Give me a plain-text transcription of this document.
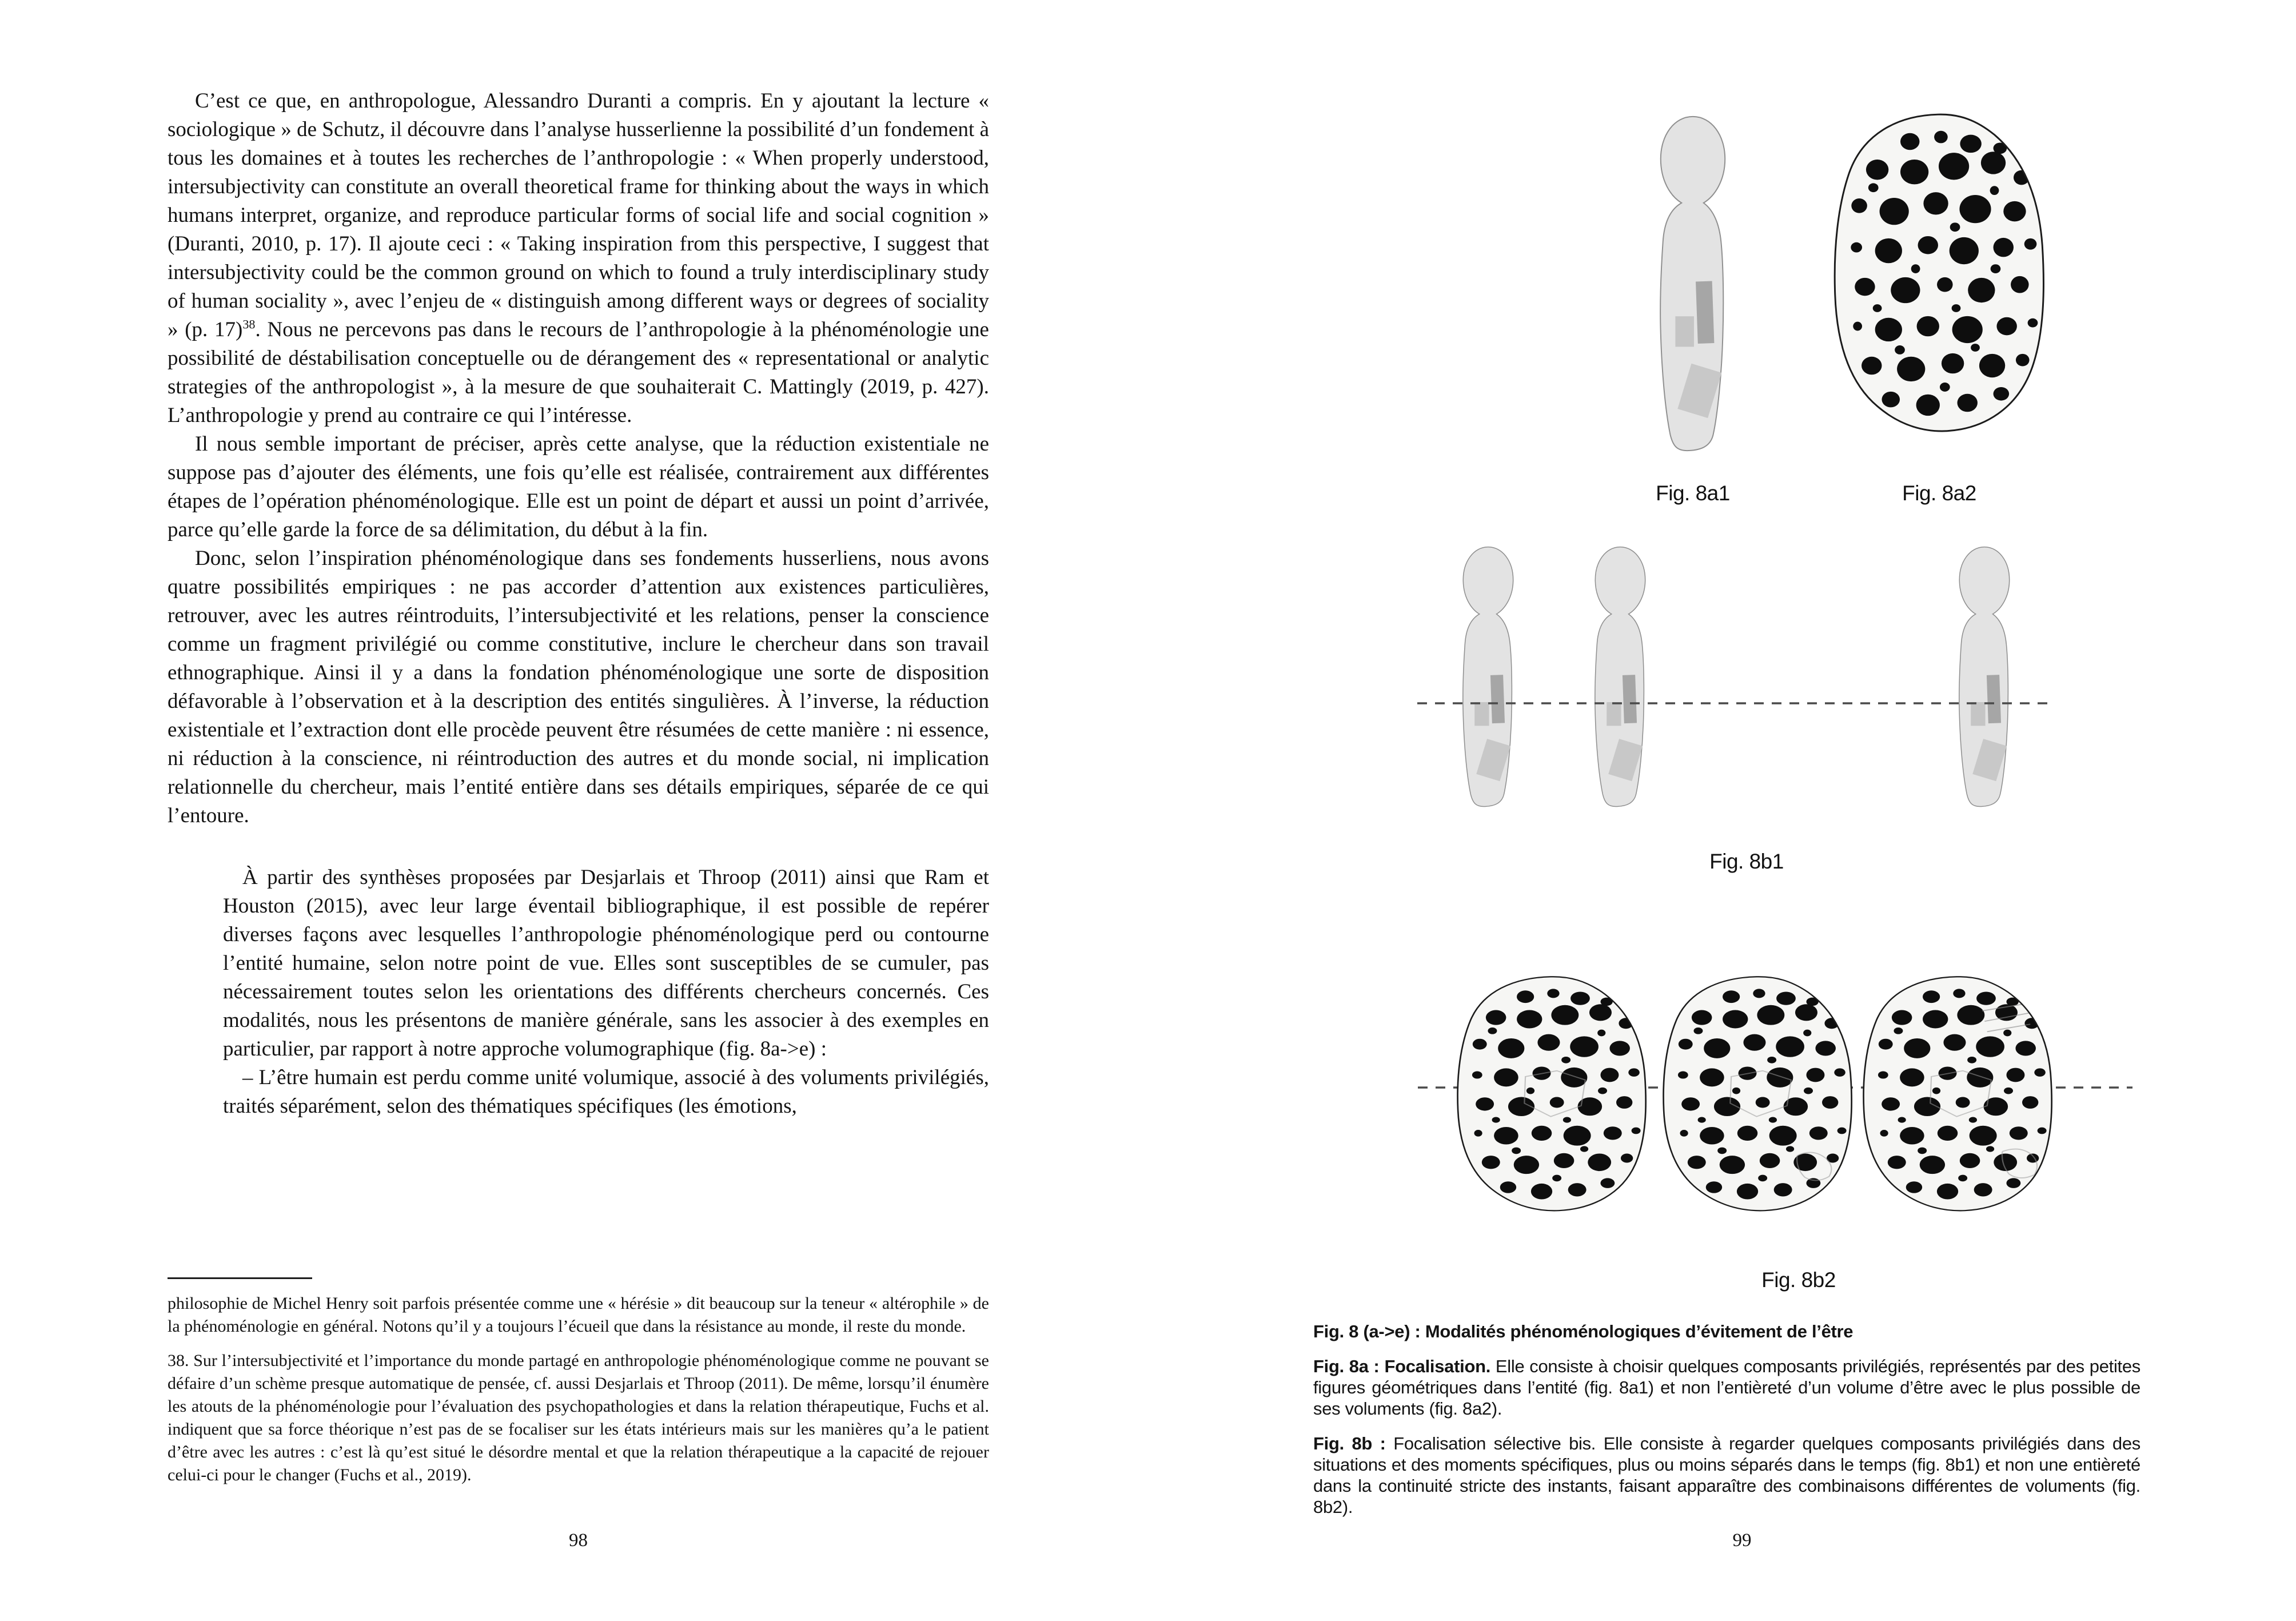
C’est ce que, en anthropologue, Alessandro Duranti a compris. En y ajoutant la lecture « sociologique » de Schutz, il découvre dans l’analyse husserlienne la possibilité d’un fondement à tous les domaines et à toutes les recherches de l’anthropologie : « When properly understood, intersubjectivity can constitute an overall theoretical frame for thinking about the ways in which humans interpret, organize, and reproduce particular forms of social life and social cognition » (Duranti, 2010, p. 17). Il ajoute ceci : « Taking inspiration from this perspective, I suggest that intersubjectivity could be the common ground on which to found a truly interdisciplinary study of human sociality », avec l’enjeu de « distinguish among different ways or degrees of sociality » (p. 17)$^{38}$. Nous ne percevons pas dans le recours de l’anthropologie à la phénoménologie une possibilité de déstabilisation conceptuelle ou de dérangement des « representational or analytic strategies of the anthropologist », à la mesure de que souhaiterait C. Mattingly (2019, p. 427). L’anthropologie y prend au contraire ce qui l’intéresse.

Il nous semble important de préciser, après cette analyse, que la réduction existentiale ne suppose pas d’ajouter des éléments, une fois qu’elle est réalisée, contrairement aux différentes étapes de l’opération phénoménologique. Elle est un point de départ et aussi un point d’arrivée, parce qu’elle garde la force de sa délimitation, du début à la fin.

Donc, selon l’inspiration phénoménologique dans ses fondements husserliens, nous avons quatre possibilités empiriques : ne pas accorder d’attention aux existences particulières, retrouver, avec les autres réintroduits, l’intersubjectivité et les relations, penser la conscience comme un fragment privilégié ou comme constitutive, inclure le chercheur dans son travail ethnographique. Ainsi il y a dans la fondation phénoménologique une sorte de disposition défavorable à l’observation et à la description des entités singulières. À l’inverse, la réduction existentiale et l’extraction dont elle procède peuvent être résumées de cette manière : ni essence, ni réduction à la conscience, ni réintroduction des autres et du monde social, ni implication relationnelle du chercheur, mais l’entité entière dans ses détails empiriques, séparée de ce qui l’entoure.

À partir des synthèses proposées par Desjarlais et Throop (2011) ainsi que Ram et Houston (2015), avec leur large éventail bibliographique, il est possible de repérer diverses façons avec lesquelles l’anthropologie phénoménologique perd ou contourne l’entité humaine, selon notre point de vue. Elles sont susceptibles de se cumuler, pas nécessairement toutes selon les orientations des différents chercheurs concernés. Ces modalités, nous les présentons de manière générale, sans les associer à des exemples en particulier, par rapport à notre approche volumographique (fig. 8a->e) :

– L’être humain est perdu comme unité volumique, associé à des voluments privilégiés, traités séparément, selon des thématiques spécifiques (les émotions,

philosophie de Michel Henry soit parfois présentée comme une « hérésie » dit beaucoup sur la teneur « altérophile » de la phénoménologie en général. Notons qu’il y a toujours l’écueil que dans la résistance au monde, il reste du monde.

38. Sur l’intersubjectivité et l’importance du monde partagé en anthropologie phénoménologique comme ne pouvant se défaire d’un schème presque automatique de pensée, cf. aussi Desjarlais et Throop (2011). De même, lorsqu’il énumère les atouts de la phénoménologie pour l’évaluation des psychopathologies et dans la relation thérapeutique, Fuchs et al. indiquent que sa force théorique n’est pas de se focaliser sur les états intérieurs mais sur les manières qu’a le patient d’être avec les autres : c’est là qu’est situé le désordre mental et que la relation thérapeutique a la capacité de rejouer celui-ci pour le changer (Fuchs et al., 2019).

98
Fig. 8a1	Fig. 8a2
Fig. 8b1
Fig. 8b2
Fig. 8 (a->e) : Modalités phénoménologiques d’évitement de l’être

Fig. 8a : Focalisation. Elle consiste à choisir quelques composants privilégiés, représentés par des petites figures géométriques dans l’entité (fig. 8a1) et non l’entièreté d’un volume d’être avec le plus possible de ses voluments (fig. 8a2).

Fig. 8b : Focalisation sélective bis. Elle consiste à regarder quelques composants privilégiés dans des situations et des moments spécifiques, plus ou moins séparés dans le temps (fig. 8b1) et non une entièreté dans la continuité stricte des instants, faisant apparaître des combinaisons différentes de voluments (fig. 8b2).

99
